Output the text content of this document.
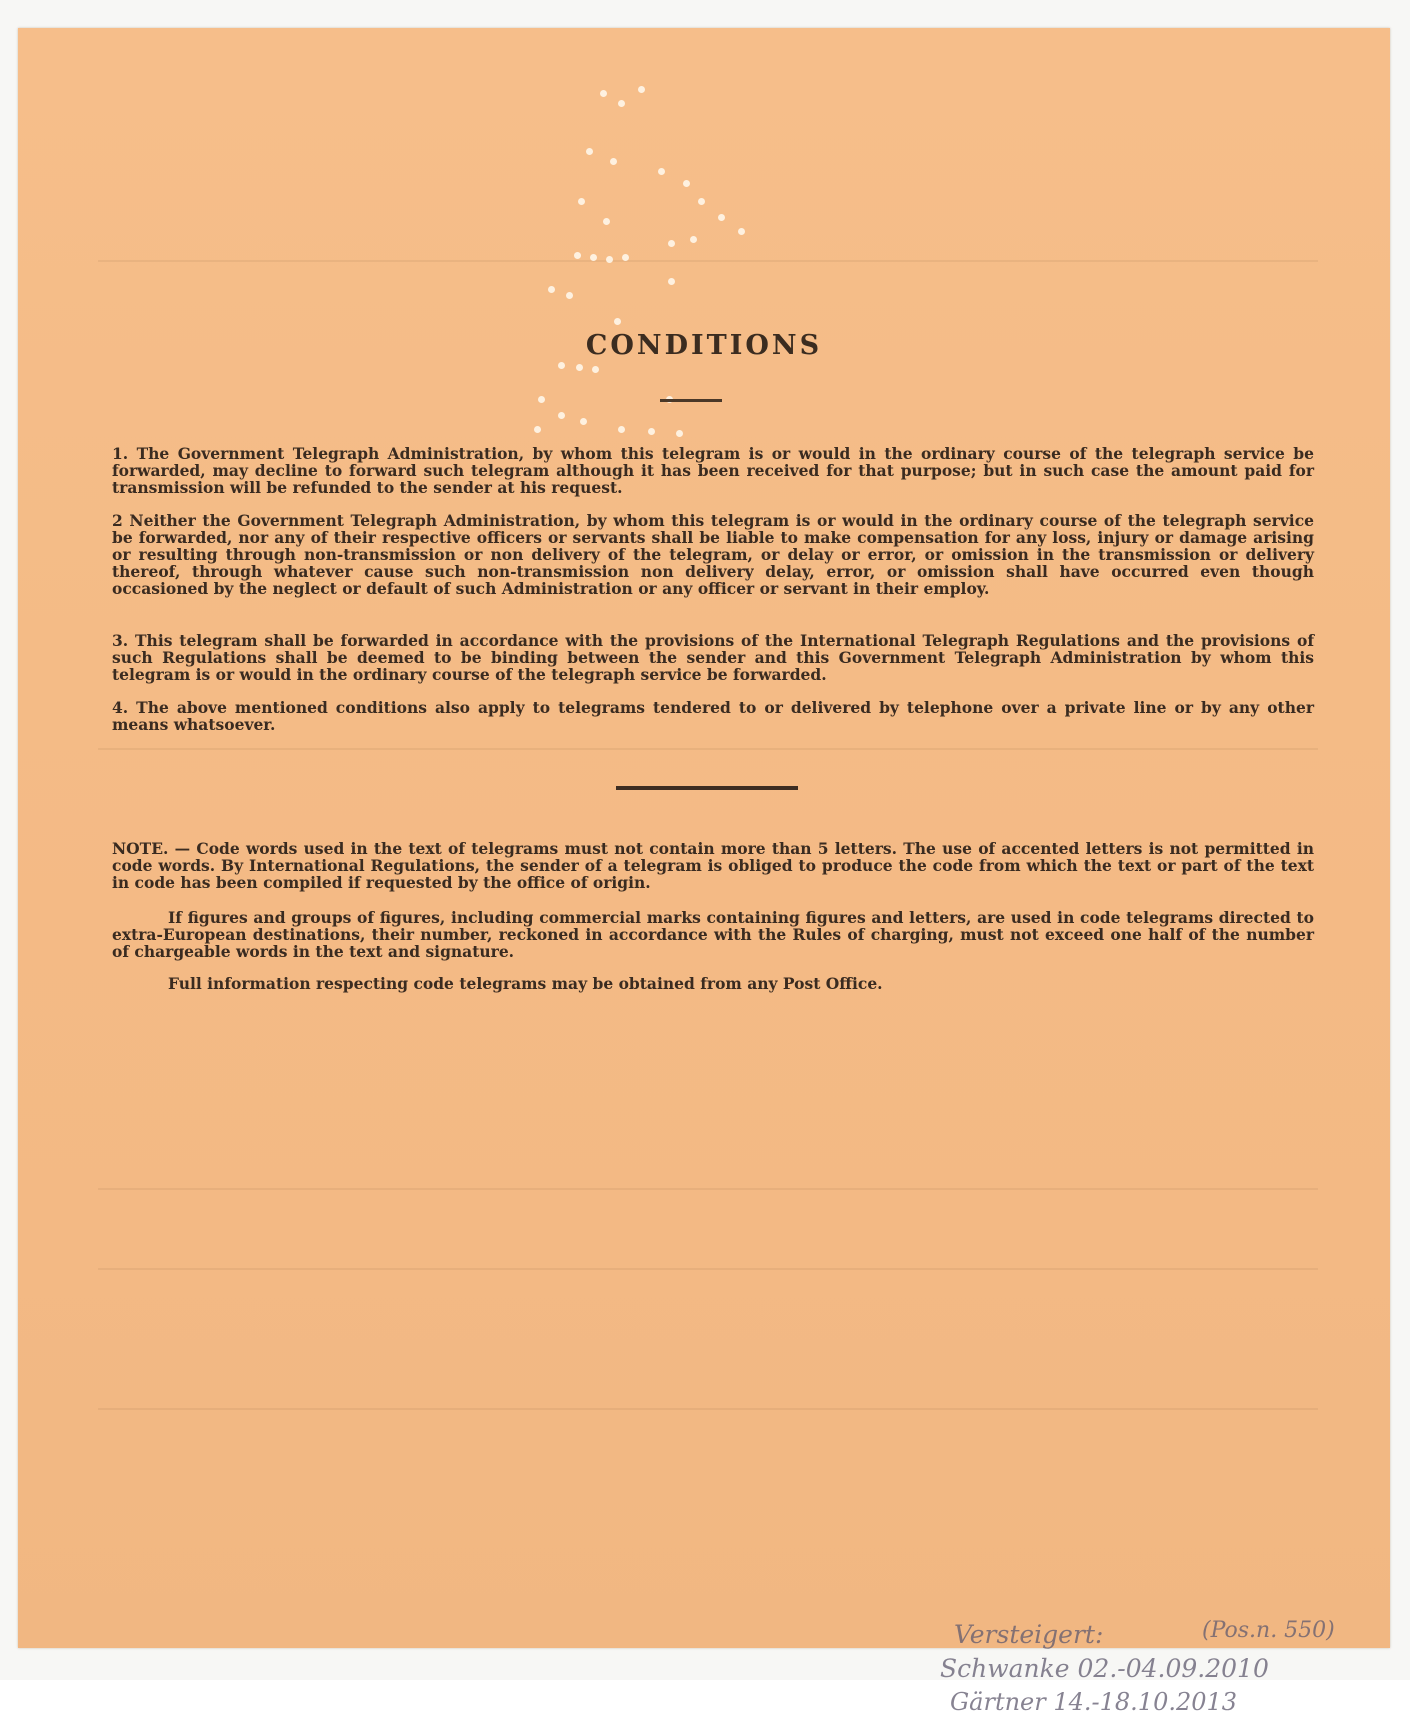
CONDITIONS

1. The Government Telegraph Administration, by whom this telegram is or would in the ordinary course of the telegraph service be forwarded, may decline to forward such telegram although it has been received for that purpose; but in such case the amount paid for transmission will be refunded to the sender at his request.

2 Neither the Government Telegraph Administration, by whom this telegram is or would in the ordinary course of the telegraph service be forwarded, nor any of their respective officers or servants shall be liable to make compensation for any loss, injury or damage arising or resulting through non-transmission or non delivery of the telegram, or delay or error, or omission in the transmission or delivery thereof, through whatever cause such non-transmission non delivery delay, error, or omission shall have occurred even though occasioned by the neglect or default of such Administration or any officer or servant in their employ.

3. This telegram shall be forwarded in accordance with the provisions of the International Telegraph Regulations and the provisions of such Regulations shall be deemed to be binding between the sender and this Government Telegraph Administration by whom this telegram is or would in the ordinary course of the telegraph service be forwarded.

4. The above mentioned conditions also apply to telegrams tendered to or delivered by telephone over a private line or by any other means whatsoever.

NOTE. — Code words used in the text of telegrams must not contain more than 5 letters. The use of accented letters is not permitted in code words. By International Regulations, the sender of a telegram is obliged to produce the code from which the text or part of the text in code has been compiled if requested by the office of origin.

If figures and groups of figures, including commercial marks containing figures and letters, are used in code telegrams directed to extra-European destinations, their number, reckoned in accordance with the Rules of charging, must not exceed one half of the number of chargeable words in the text and signature.

Full information respecting code telegrams may be obtained from any Post Office.

Versteigert:	(Pos.n. 550)
Schwanke 02.-04.09.2010
Gärtner 14.-18.10.2013
